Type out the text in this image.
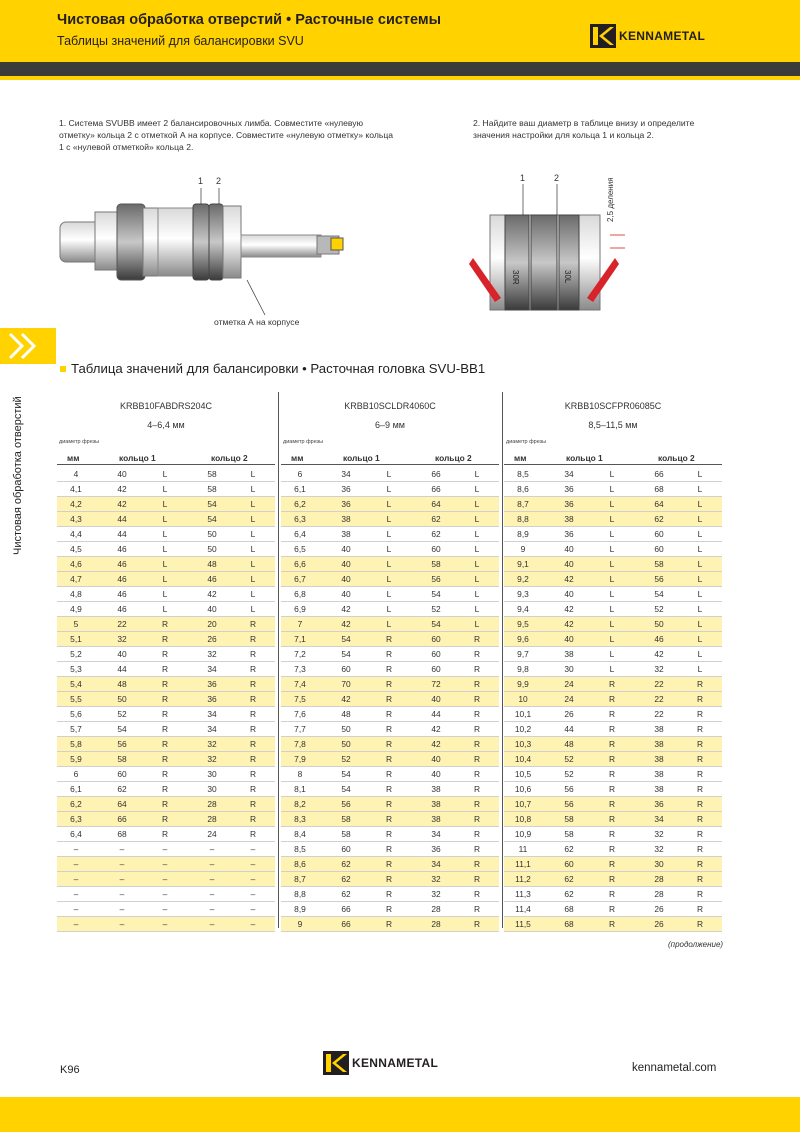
Чистовая обработка отверстий • Расточные системы
Таблицы значений для балансировки SVU	KENNAMETAL
Чистовая обработка отверстий
1. Система SVUBB имеет 2 балансировочных лимба. Совместите «нулевую отметку» кольца 2 с отметкой А на корпусе. Совместите «нулевую отметку» кольца 1 с «нулевой отметкой» кольца 2.
2. Найдите ваш диаметр в таблице внизу и определите значения настройки для кольца 1 и кольца 2.
1 2
отметка А на корпусе
1	2
30R	30L
2,5 деления
Таблица значений для балансировки • Расточная головка SVU-BB1
KRBB10FABDRS204C
4–6,4 мм
диаметр фрезы
мм	кольцо 1	кольцо 2
4	40	L	58	L
4,1	42	L	58	L
4,2	42	L	54	L
4,3	44	L	54	L
4,4	44	L	50	L
4,5	46	L	50	L
4,6	46	L	48	L
4,7	46	L	46	L
4,8	46	L	42	L
4,9	46	L	40	L
5	22	R	20	R
5,1	32	R	26	R
5,2	40	R	32	R
5,3	44	R	34	R
5,4	48	R	36	R
5,5	50	R	36	R
5,6	52	R	34	R
5,7	54	R	34	R
5,8	56	R	32	R
5,9	58	R	32	R
6	60	R	30	R
6,1	62	R	30	R
6,2	64	R	28	R
6,3	66	R	28	R
6,4	68	R	24	R
–	–	–	–	–
–	–	–	–	–
–	–	–	–	–
–	–	–	–	–
–	–	–	–	–
–	–	–	–	–
KRBB10SCLDR4060C
6–9 мм
диаметр фрезы
мм	кольцо 1	кольцо 2
6	34	L	66	L
6,1	36	L	66	L
6,2	36	L	64	L
6,3	38	L	62	L
6,4	38	L	62	L
6,5	40	L	60	L
6,6	40	L	58	L
6,7	40	L	56	L
6,8	40	L	54	L
6,9	42	L	52	L
7	42	L	54	L
7,1	54	R	60	R
7,2	54	R	60	R
7,3	60	R	60	R
7,4	70	R	72	R
7,5	42	R	40	R
7,6	48	R	44	R
7,7	50	R	42	R
7,8	50	R	42	R
7,9	52	R	40	R
8	54	R	40	R
8,1	54	R	38	R
8,2	56	R	38	R
8,3	58	R	38	R
8,4	58	R	34	R
8,5	60	R	36	R
8,6	62	R	34	R
8,7	62	R	32	R
8,8	62	R	32	R
8,9	66	R	28	R
9	66	R	28	R
KRBB10SCFPR06085C
8,5–11,5 мм
диаметр фрезы
мм	кольцо 1	кольцо 2
8,5	34	L	66	L
8,6	36	L	68	L
8,7	36	L	64	L
8,8	38	L	62	L
8,9	36	L	60	L
9	40	L	60	L
9,1	40	L	58	L
9,2	42	L	56	L
9,3	40	L	54	L
9,4	42	L	52	L
9,5	42	L	50	L
9,6	40	L	46	L
9,7	38	L	42	L
9,8	30	L	32	L
9,9	24	R	22	R
10	24	R	22	R
10,1	26	R	22	R
10,2	44	R	38	R
10,3	48	R	38	R
10,4	52	R	38	R
10,5	52	R	38	R
10,6	56	R	38	R
10,7	56	R	36	R
10,8	58	R	34	R
10,9	58	R	32	R
11	62	R	32	R
11,1	60	R	30	R
11,2	62	R	28	R
11,3	62	R	28	R
11,4	68	R	26	R
11,5	68	R	26	R
(продолжение)
K96	KENNAMETAL	kennametal.com
